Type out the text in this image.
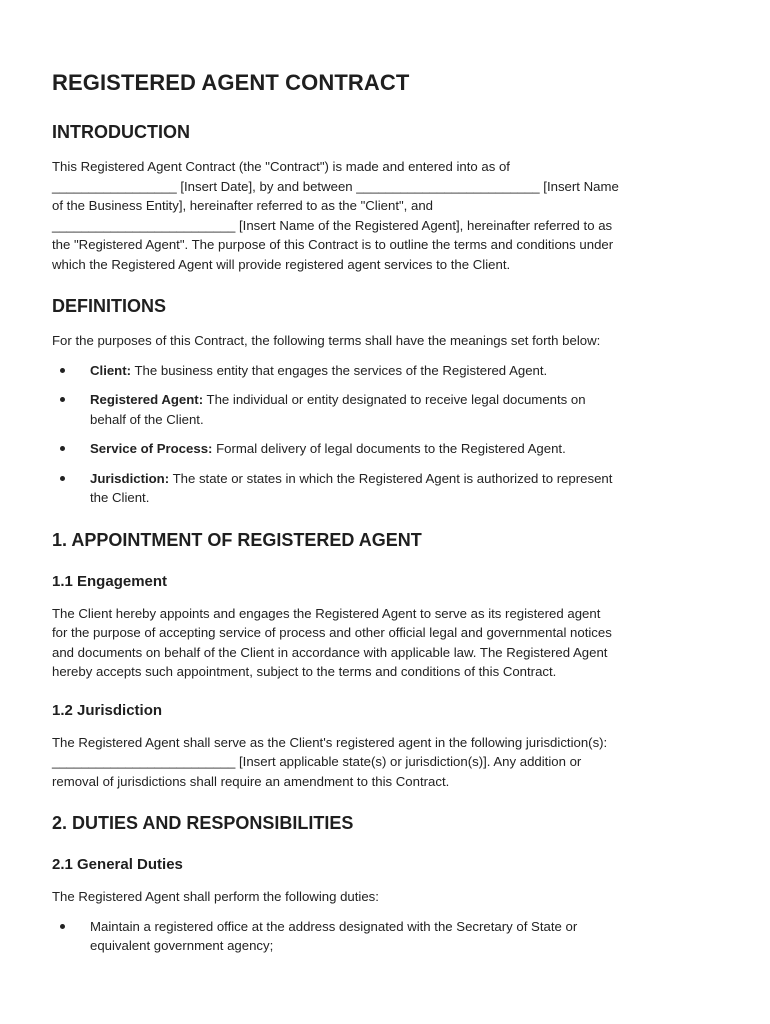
REGISTERED AGENT CONTRACT
INTRODUCTION

This Registered Agent Contract (the "Contract") is made and entered into as of
_________________ [Insert Date], by and between _________________________ [Insert Name
of the Business Entity], hereinafter referred to as the "Client", and
_________________________ [Insert Name of the Registered Agent], hereinafter referred to as
the "Registered Agent". The purpose of this Contract is to outline the terms and conditions under
which the Registered Agent will provide registered agent services to the Client.

DEFINITIONS

For the purposes of this Contract, the following terms shall have the meanings set forth below:

Client: The business entity that engages the services of the Registered Agent.
Registered Agent: The individual or entity designated to receive legal documents on
behalf of the Client.
Service of Process: Formal delivery of legal documents to the Registered Agent.
Jurisdiction: The state or states in which the Registered Agent is authorized to represent
the Client.
1. APPOINTMENT OF REGISTERED AGENT
1.1 Engagement

The Client hereby appoints and engages the Registered Agent to serve as its registered agent
for the purpose of accepting service of process and other official legal and governmental notices
and documents on behalf of the Client in accordance with applicable law. The Registered Agent
hereby accepts such appointment, subject to the terms and conditions of this Contract.

1.2 Jurisdiction

The Registered Agent shall serve as the Client's registered agent in the following jurisdiction(s):
_________________________ [Insert applicable state(s) or jurisdiction(s)]. Any addition or
removal of jurisdictions shall require an amendment to this Contract.

2. DUTIES AND RESPONSIBILITIES
2.1 General Duties

The Registered Agent shall perform the following duties:

Maintain a registered office at the address designated with the Secretary of State or
equivalent government agency;
